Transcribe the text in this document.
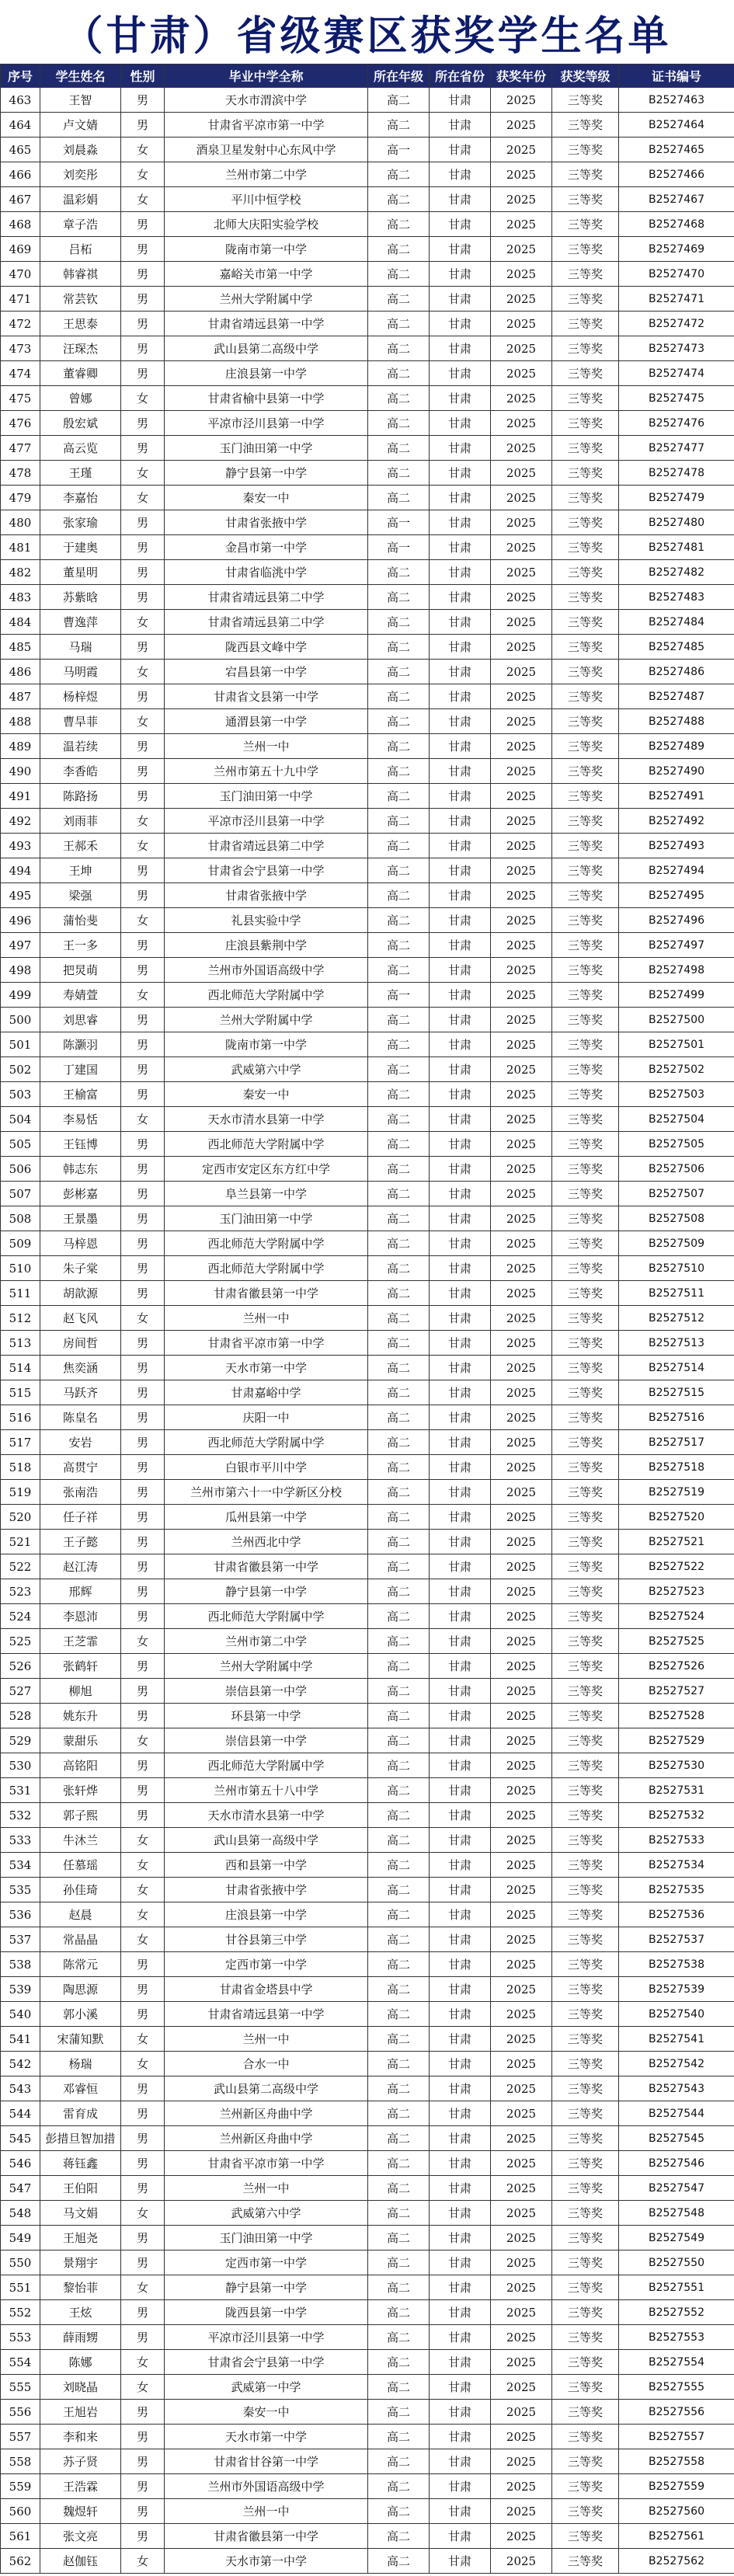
（甘肃）省级赛区获奖学生名单
序号	学生姓名	性别	毕业中学全称	所在年级	所在省份	获奖年份	获奖等级	证书编号
463	王智	男	天水市渭滨中学	高二	甘肃	2025	三等奖	B2527463
464	卢文婧	男	甘肃省平凉市第一中学	高二	甘肃	2025	三等奖	B2527464
465	刘晨淼	女	酒泉卫星发射中心东风中学	高一	甘肃	2025	三等奖	B2527465
466	刘奕彤	女	兰州市第二中学	高二	甘肃	2025	三等奖	B2527466
467	温彩娟	女	平川中恒学校	高二	甘肃	2025	三等奖	B2527467
468	章子浩	男	北师大庆阳实验学校	高二	甘肃	2025	三等奖	B2527468
469	吕柘	男	陇南市第一中学	高二	甘肃	2025	三等奖	B2527469
470	韩睿祺	男	嘉峪关市第一中学	高二	甘肃	2025	三等奖	B2527470
471	常芸钦	男	兰州大学附属中学	高二	甘肃	2025	三等奖	B2527471
472	王思泰	男	甘肃省靖远县第一中学	高二	甘肃	2025	三等奖	B2527472
473	汪琛杰	男	武山县第二高级中学	高二	甘肃	2025	三等奖	B2527473
474	董睿卿	男	庄浪县第一中学	高二	甘肃	2025	三等奖	B2527474
475	曾娜	女	甘肃省榆中县第一中学	高二	甘肃	2025	三等奖	B2527475
476	殷宏斌	男	平凉市泾川县第一中学	高二	甘肃	2025	三等奖	B2527476
477	高云览	男	玉门油田第一中学	高二	甘肃	2025	三等奖	B2527477
478	王瑾	女	静宁县第一中学	高二	甘肃	2025	三等奖	B2527478
479	李嘉怡	女	秦安一中	高二	甘肃	2025	三等奖	B2527479
480	张家瑜	男	甘肃省张掖中学	高一	甘肃	2025	三等奖	B2527480
481	于建奥	男	金昌市第一中学	高一	甘肃	2025	三等奖	B2527481
482	董星明	男	甘肃省临洮中学	高二	甘肃	2025	三等奖	B2527482
483	苏紫晗	男	甘肃省靖远县第二中学	高二	甘肃	2025	三等奖	B2527483
484	曹逸萍	女	甘肃省靖远县第二中学	高二	甘肃	2025	三等奖	B2527484
485	马瑞	男	陇西县文峰中学	高二	甘肃	2025	三等奖	B2527485
486	马明霞	女	宕昌县第一中学	高二	甘肃	2025	三等奖	B2527486
487	杨梓煜	男	甘肃省文县第一中学	高二	甘肃	2025	三等奖	B2527487
488	曹旱菲	女	通渭县第一中学	高二	甘肃	2025	三等奖	B2527488
489	温若续	男	兰州一中	高二	甘肃	2025	三等奖	B2527489
490	李香皓	男	兰州市第五十九中学	高二	甘肃	2025	三等奖	B2527490
491	陈路扬	男	玉门油田第一中学	高二	甘肃	2025	三等奖	B2527491
492	刘雨菲	女	平凉市泾川县第一中学	高二	甘肃	2025	三等奖	B2527492
493	王郝禾	女	甘肃省靖远县第二中学	高二	甘肃	2025	三等奖	B2527493
494	王坤	男	甘肃省会宁县第一中学	高二	甘肃	2025	三等奖	B2527494
495	梁强	男	甘肃省张掖中学	高二	甘肃	2025	三等奖	B2527495
496	蒲怡斐	女	礼县实验中学	高二	甘肃	2025	三等奖	B2527496
497	王一多	男	庄浪县紫荆中学	高二	甘肃	2025	三等奖	B2527497
498	把炅萌	男	兰州市外国语高级中学	高二	甘肃	2025	三等奖	B2527498
499	寿婧萱	女	西北师范大学附属中学	高一	甘肃	2025	三等奖	B2527499
500	刘思睿	男	兰州大学附属中学	高二	甘肃	2025	三等奖	B2527500
501	陈灏羽	男	陇南市第一中学	高二	甘肃	2025	三等奖	B2527501
502	丁建国	男	武威第六中学	高二	甘肃	2025	三等奖	B2527502
503	王榆富	男	秦安一中	高二	甘肃	2025	三等奖	B2527503
504	李易恬	女	天水市清水县第一中学	高二	甘肃	2025	三等奖	B2527504
505	王钰博	男	西北师范大学附属中学	高二	甘肃	2025	三等奖	B2527505
506	韩志东	男	定西市安定区东方红中学	高二	甘肃	2025	三等奖	B2527506
507	彭彬嘉	男	阜兰县第一中学	高二	甘肃	2025	三等奖	B2527507
508	王景墨	男	玉门油田第一中学	高二	甘肃	2025	三等奖	B2527508
509	马梓恩	男	西北师范大学附属中学	高二	甘肃	2025	三等奖	B2527509
510	朱子棠	男	西北师范大学附属中学	高二	甘肃	2025	三等奖	B2527510
511	胡歆源	男	甘肃省徽县第一中学	高二	甘肃	2025	三等奖	B2527511
512	赵飞风	女	兰州一中	高二	甘肃	2025	三等奖	B2527512
513	房间哲	男	甘肃省平凉市第一中学	高二	甘肃	2025	三等奖	B2527513
514	焦奕涵	男	天水市第一中学	高二	甘肃	2025	三等奖	B2527514
515	马跃齐	男	甘肃嘉峪中学	高二	甘肃	2025	三等奖	B2527515
516	陈皇名	男	庆阳一中	高二	甘肃	2025	三等奖	B2527516
517	安岩	男	西北师范大学附属中学	高二	甘肃	2025	三等奖	B2527517
518	高贯宁	男	白银市平川中学	高二	甘肃	2025	三等奖	B2527518
519	张南浩	男	兰州市第六十一中学新区分校	高二	甘肃	2025	三等奖	B2527519
520	任子祥	男	瓜州县第一中学	高二	甘肃	2025	三等奖	B2527520
521	王子懿	男	兰州西北中学	高二	甘肃	2025	三等奖	B2527521
522	赵江涛	男	甘肃省徽县第一中学	高二	甘肃	2025	三等奖	B2527522
523	邢辉	男	静宁县第一中学	高二	甘肃	2025	三等奖	B2527523
524	李恩沛	男	西北师范大学附属中学	高二	甘肃	2025	三等奖	B2527524
525	王芝霏	女	兰州市第二中学	高二	甘肃	2025	三等奖	B2527525
526	张鹤轩	男	兰州大学附属中学	高二	甘肃	2025	三等奖	B2527526
527	柳旭	男	崇信县第一中学	高二	甘肃	2025	三等奖	B2527527
528	姚东升	男	环县第一中学	高二	甘肃	2025	三等奖	B2527528
529	蒙甜乐	女	崇信县第一中学	高二	甘肃	2025	三等奖	B2527529
530	高铭阳	男	西北师范大学附属中学	高二	甘肃	2025	三等奖	B2527530
531	张轩烨	男	兰州市第五十八中学	高二	甘肃	2025	三等奖	B2527531
532	郭子熙	男	天水市清水县第一中学	高二	甘肃	2025	三等奖	B2527532
533	牛沐兰	女	武山县第一高级中学	高二	甘肃	2025	三等奖	B2527533
534	任慕瑶	女	西和县第一中学	高二	甘肃	2025	三等奖	B2527534
535	孙佳琦	女	甘肃省张掖中学	高二	甘肃	2025	三等奖	B2527535
536	赵晨	女	庄浪县第一中学	高二	甘肃	2025	三等奖	B2527536
537	常晶晶	女	甘谷县第三中学	高二	甘肃	2025	三等奖	B2527537
538	陈常元	男	定西市第一中学	高二	甘肃	2025	三等奖	B2527538
539	陶思源	男	甘肃省金塔县中学	高二	甘肃	2025	三等奖	B2527539
540	郭小溪	男	甘肃省靖远县第一中学	高二	甘肃	2025	三等奖	B2527540
541	宋蒲知默	女	兰州一中	高二	甘肃	2025	三等奖	B2527541
542	杨瑞	女	合水一中	高二	甘肃	2025	三等奖	B2527542
543	邓睿恒	男	武山县第二高级中学	高二	甘肃	2025	三等奖	B2527543
544	雷育成	男	兰州新区舟曲中学	高二	甘肃	2025	三等奖	B2527544
545	彭措旦智加措	男	兰州新区舟曲中学	高二	甘肃	2025	三等奖	B2527545
546	蒋钰鑫	男	甘肃省平凉市第一中学	高二	甘肃	2025	三等奖	B2527546
547	王伯阳	男	兰州一中	高二	甘肃	2025	三等奖	B2527547
548	马文娟	女	武威第六中学	高二	甘肃	2025	三等奖	B2527548
549	王旭尧	男	玉门油田第一中学	高二	甘肃	2025	三等奖	B2527549
550	景翔宇	男	定西市第一中学	高二	甘肃	2025	三等奖	B2527550
551	黎怡菲	女	静宁县第一中学	高二	甘肃	2025	三等奖	B2527551
552	王炫	男	陇西县第一中学	高二	甘肃	2025	三等奖	B2527552
553	薛雨甥	男	平凉市泾川县第一中学	高二	甘肃	2025	三等奖	B2527553
554	陈娜	女	甘肃省会宁县第一中学	高二	甘肃	2025	三等奖	B2527554
555	刘晓晶	女	武威第一中学	高二	甘肃	2025	三等奖	B2527555
556	王旭岩	男	秦安一中	高二	甘肃	2025	三等奖	B2527556
557	李和来	男	天水市第一中学	高二	甘肃	2025	三等奖	B2527557
558	苏子贤	男	甘肃省甘谷第一中学	高二	甘肃	2025	三等奖	B2527558
559	王浩霖	男	兰州市外国语高级中学	高二	甘肃	2025	三等奖	B2527559
560	魏煜轩	男	兰州一中	高二	甘肃	2025	三等奖	B2527560
561	张文亮	男	甘肃省徽县第一中学	高二	甘肃	2025	三等奖	B2527561
562	赵伽钰	女	天水市第一中学	高二	甘肃	2025	三等奖	B2527562
